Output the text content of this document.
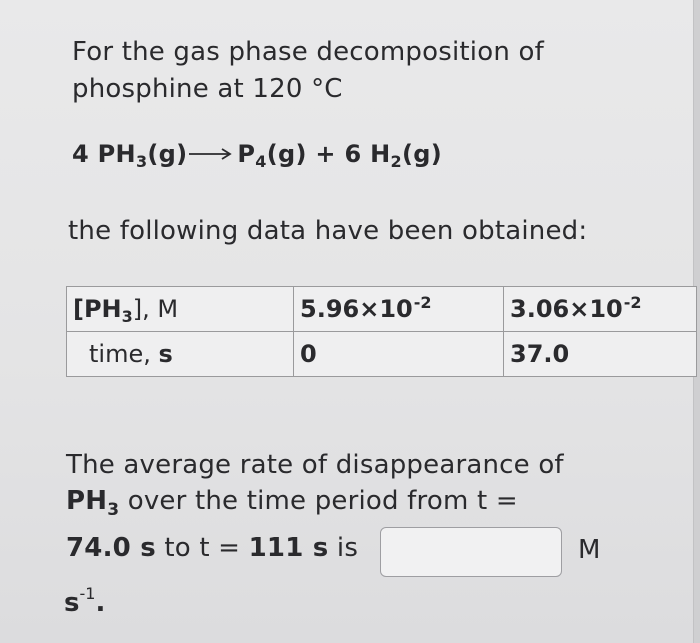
For the gas phase decomposition of
phosphine at 120 °C
4 $PH_3(g) \to P_4(g) + 6$ $H_2(g)$
the following data have been obtained:
$[PH_3]$, M	$5.96\times 10^{-2}$	$3.06\times 10^{-2}$
time, s	0	37.0
The average rate of disappearance of
$PH_3$ over the time period from t =
74.0 s to t = 111 s is	M
$s^{-1}$.
